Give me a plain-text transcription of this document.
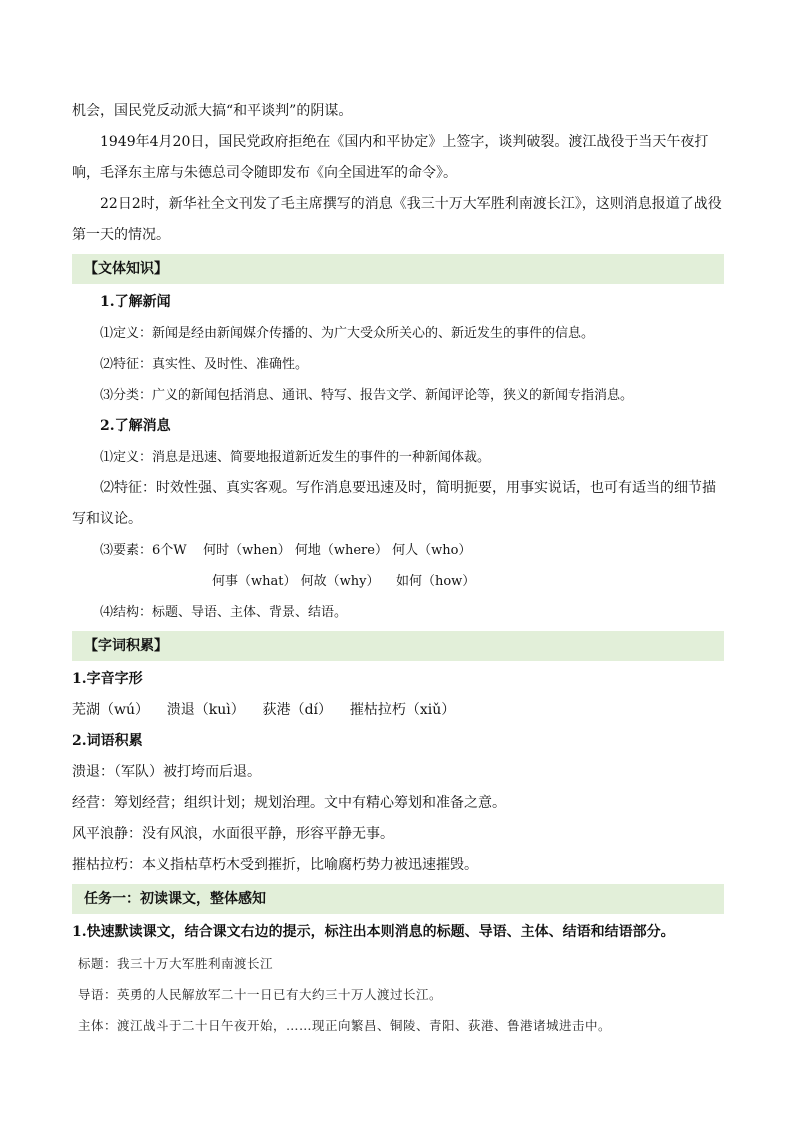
机会，国民党反动派大搞“和平谈判”的阴谋。

1949年4月20日，国民党政府拒绝在《国内和平协定》上签字，谈判破裂。渡江战役于当天午夜打响，毛泽东主席与朱德总司令随即发布《向全国进军的命令》。

22日2时，新华社全文刊发了毛主席撰写的消息《我三十万大军胜利南渡长江》，这则消息报道了战役第一天的情况。

【文体知识】

1.了解新闻

⑴定义：新闻是经由新闻媒介传播的、为广大受众所关心的、新近发生的事件的信息。

⑵特征：真实性、及时性、准确性。

⑶分类：广义的新闻包括消息、通讯、特写、报告文学、新闻评论等，狭义的新闻专指消息。

2.了解消息

⑴定义：消息是迅速、简要地报道新近发生的事件的一种新闻体裁。

⑵特征：时效性强、真实客观。写作消息要迅速及时，简明扼要，用事实说话，也可有适当的细节描写和议论。

⑶要素：6个W    何时（when） 何地（where） 何人（who）

何事（what） 何故（why）    如何（how）

⑷结构：标题、导语、主体、背景、结语。

【字词积累】

1.字音字形

芜湖（wú）    溃退（kuì）    荻港（dí）    摧枯拉朽（xiǔ）

2.词语积累

溃退：（军队）被打垮而后退。

经营：筹划经营；组织计划；规划治理。文中有精心筹划和准备之意。

风平浪静：没有风浪，水面很平静，形容平静无事。

摧枯拉朽：本义指枯草朽木受到摧折，比喻腐朽势力被迅速摧毁。

任务一：初读课文，整体感知

1.快速默读课文，结合课文右边的提示，标注出本则消息的标题、导语、主体、结语和结语部分。

标题：我三十万大军胜利南渡长江

导语：英勇的人民解放军二十一日已有大约三十万人渡过长江。

主体：渡江战斗于二十日午夜开始，……现正向繁昌、铜陵、青阳、荻港、鲁港诸城进击中。
